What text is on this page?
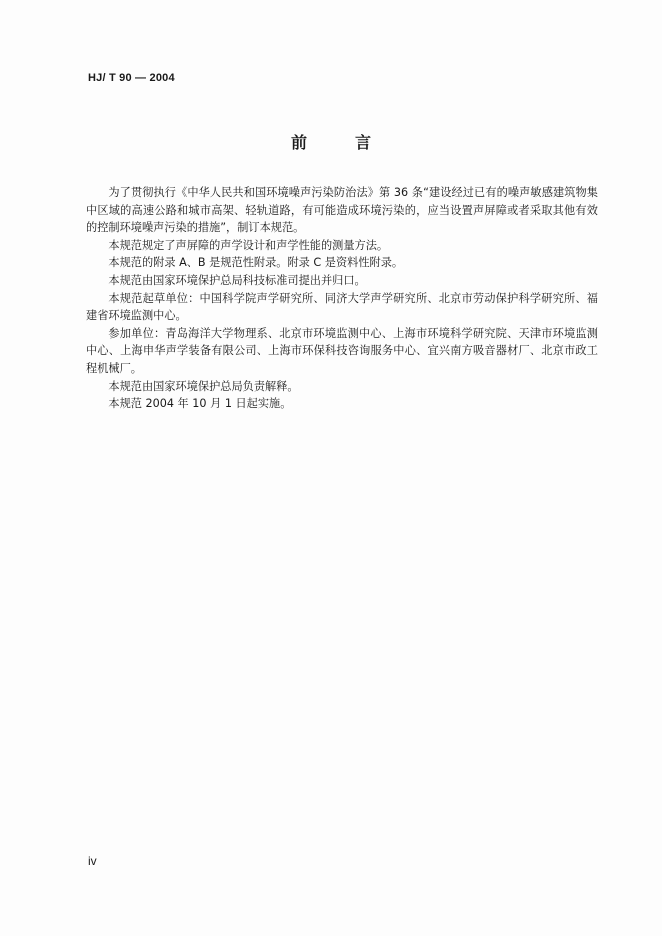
HJ/ T 90 — 2004
前言

为了贯彻执行《中华人民共和国环境噪声污染防治法》第 36 条“建设经过已有的噪声敏感建筑物集中区域的高速公路和城市高架、轻轨道路，有可能造成环境污染的，应当设置声屏障或者采取其他有效的控制环境噪声污染的措施”，制订本规范。

本规范规定了声屏障的声学设计和声学性能的测量方法。

本规范的附录 A、B 是规范性附录。附录 C 是资料性附录。

本规范由国家环境保护总局科技标准司提出并归口。

本规范起草单位：中国科学院声学研究所、同济大学声学研究所、北京市劳动保护科学研究所、福建省环境监测中心。

参加单位：青岛海洋大学物理系、北京市环境监测中心、上海市环境科学研究院、天津市环境监测中心、上海申华声学装备有限公司、上海市环保科技咨询服务中心、宜兴南方吸音器材厂、北京市政工程机械厂。

本规范由国家环境保护总局负责解释。

本规范 2004 年 10 月 1 日起实施。

iv
